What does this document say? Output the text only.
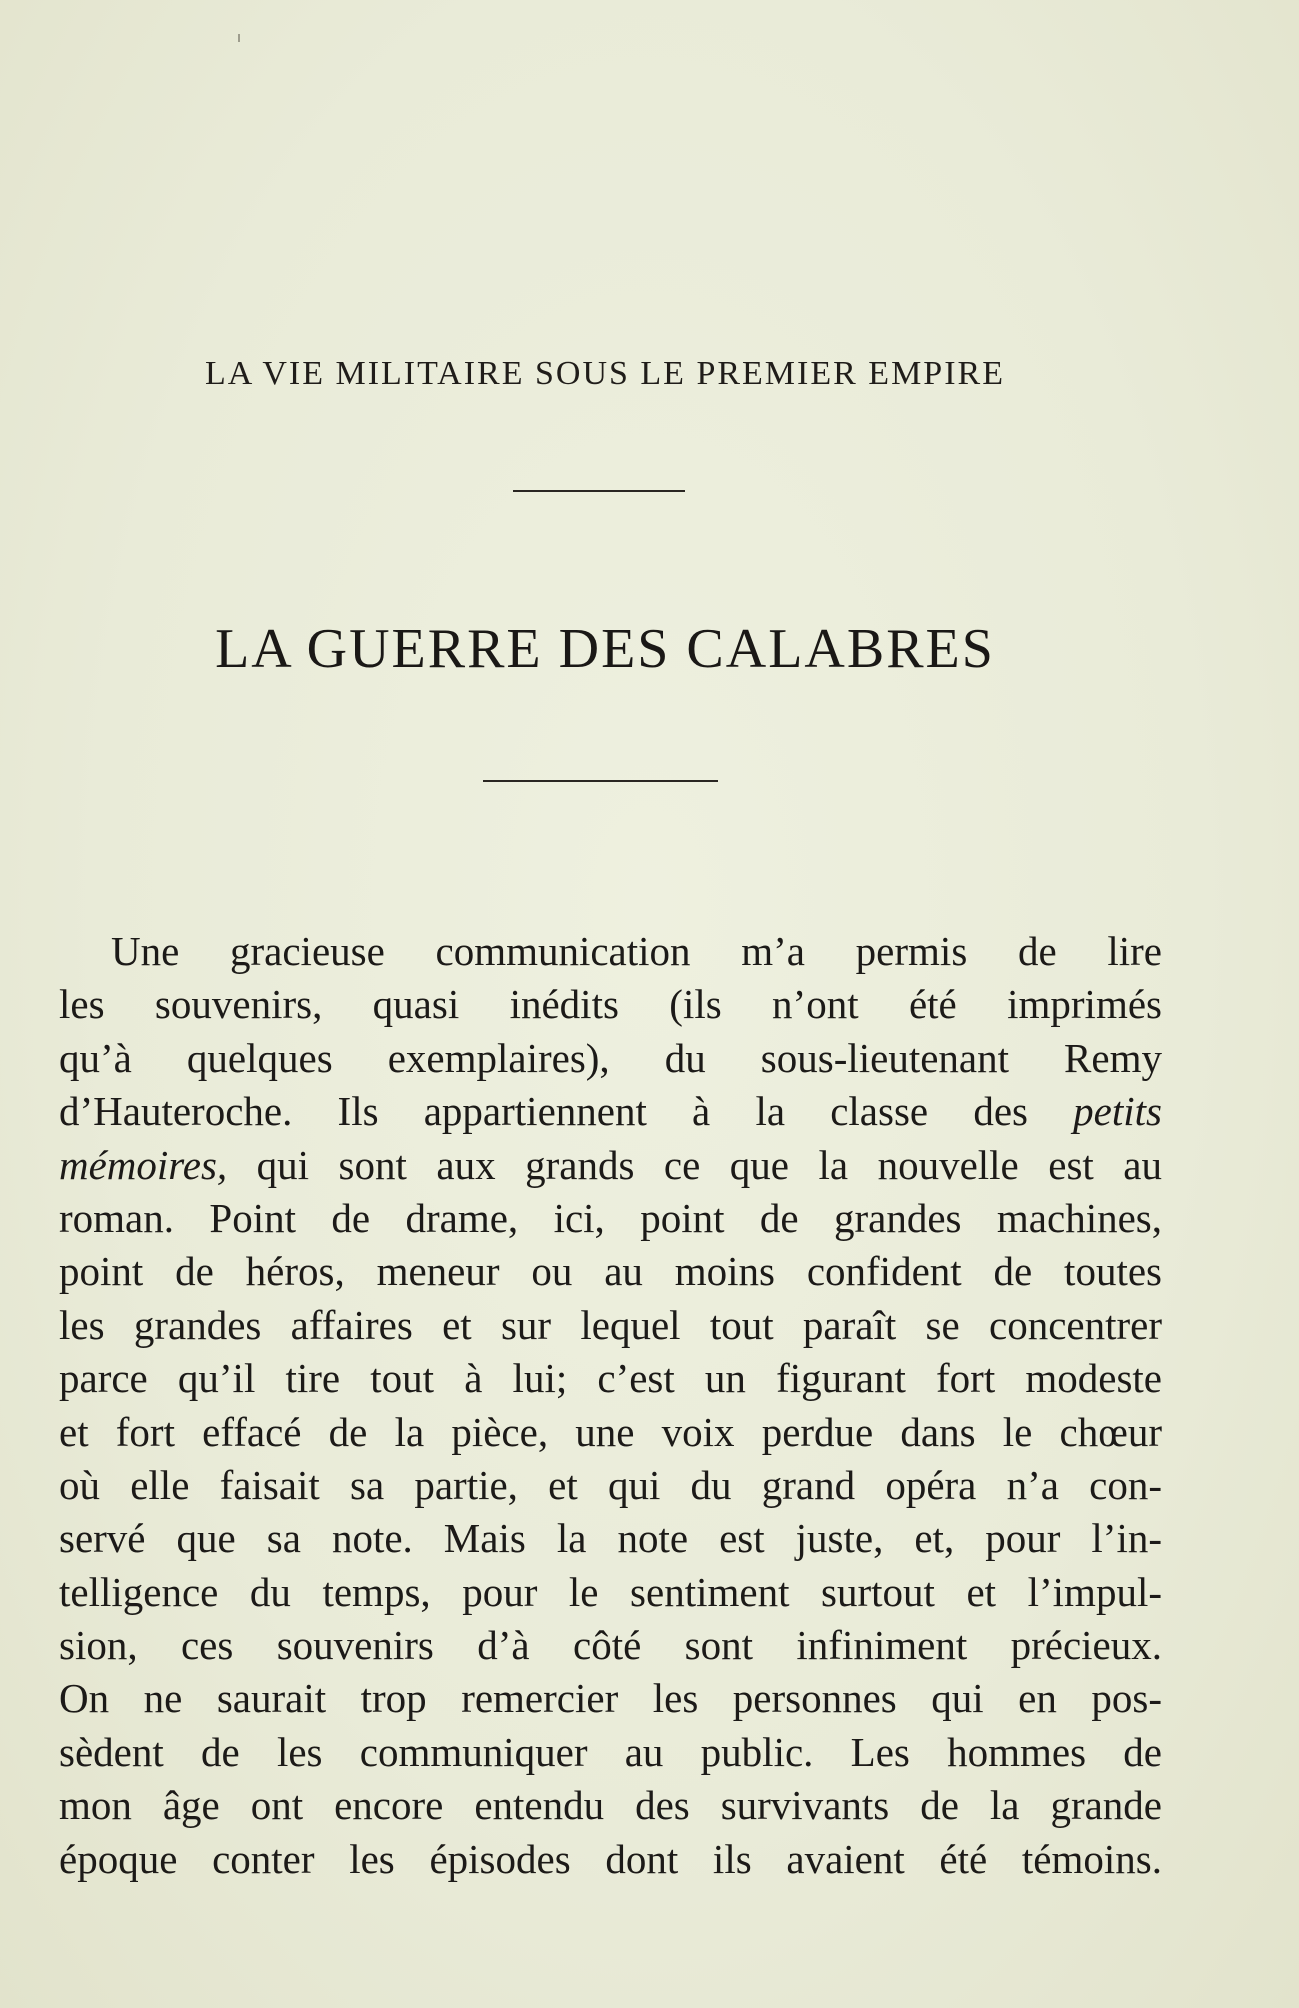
LA VIE MILITAIRE SOUS LE PREMIER EMPIRE
LA GUERRE DES CALABRES
Une gracieuse communication m’a permis de lire
les souvenirs, quasi inédits (ils n’ont été imprimés
qu’à quelques exemplaires), du sous-lieutenant Remy
d’Hauteroche. Ils appartiennent à la classe des petits
mémoires, qui sont aux grands ce que la nouvelle est au
roman. Point de drame, ici, point de grandes machines,
point de héros, meneur ou au moins confident de toutes
les grandes affaires et sur lequel tout paraît se concentrer
parce qu’il tire tout à lui; c’est un figurant fort modeste
et fort effacé de la pièce, une voix perdue dans le chœur
où elle faisait sa partie, et qui du grand opéra n’a con-
servé que sa note. Mais la note est juste, et, pour l’in-
telligence du temps, pour le sentiment surtout et l’impul-
sion, ces souvenirs d’à côté sont infiniment précieux.
On ne saurait trop remercier les personnes qui en pos-
sèdent de les communiquer au public. Les hommes de
mon âge ont encore entendu des survivants de la grande
époque conter les épisodes dont ils avaient été témoins.
